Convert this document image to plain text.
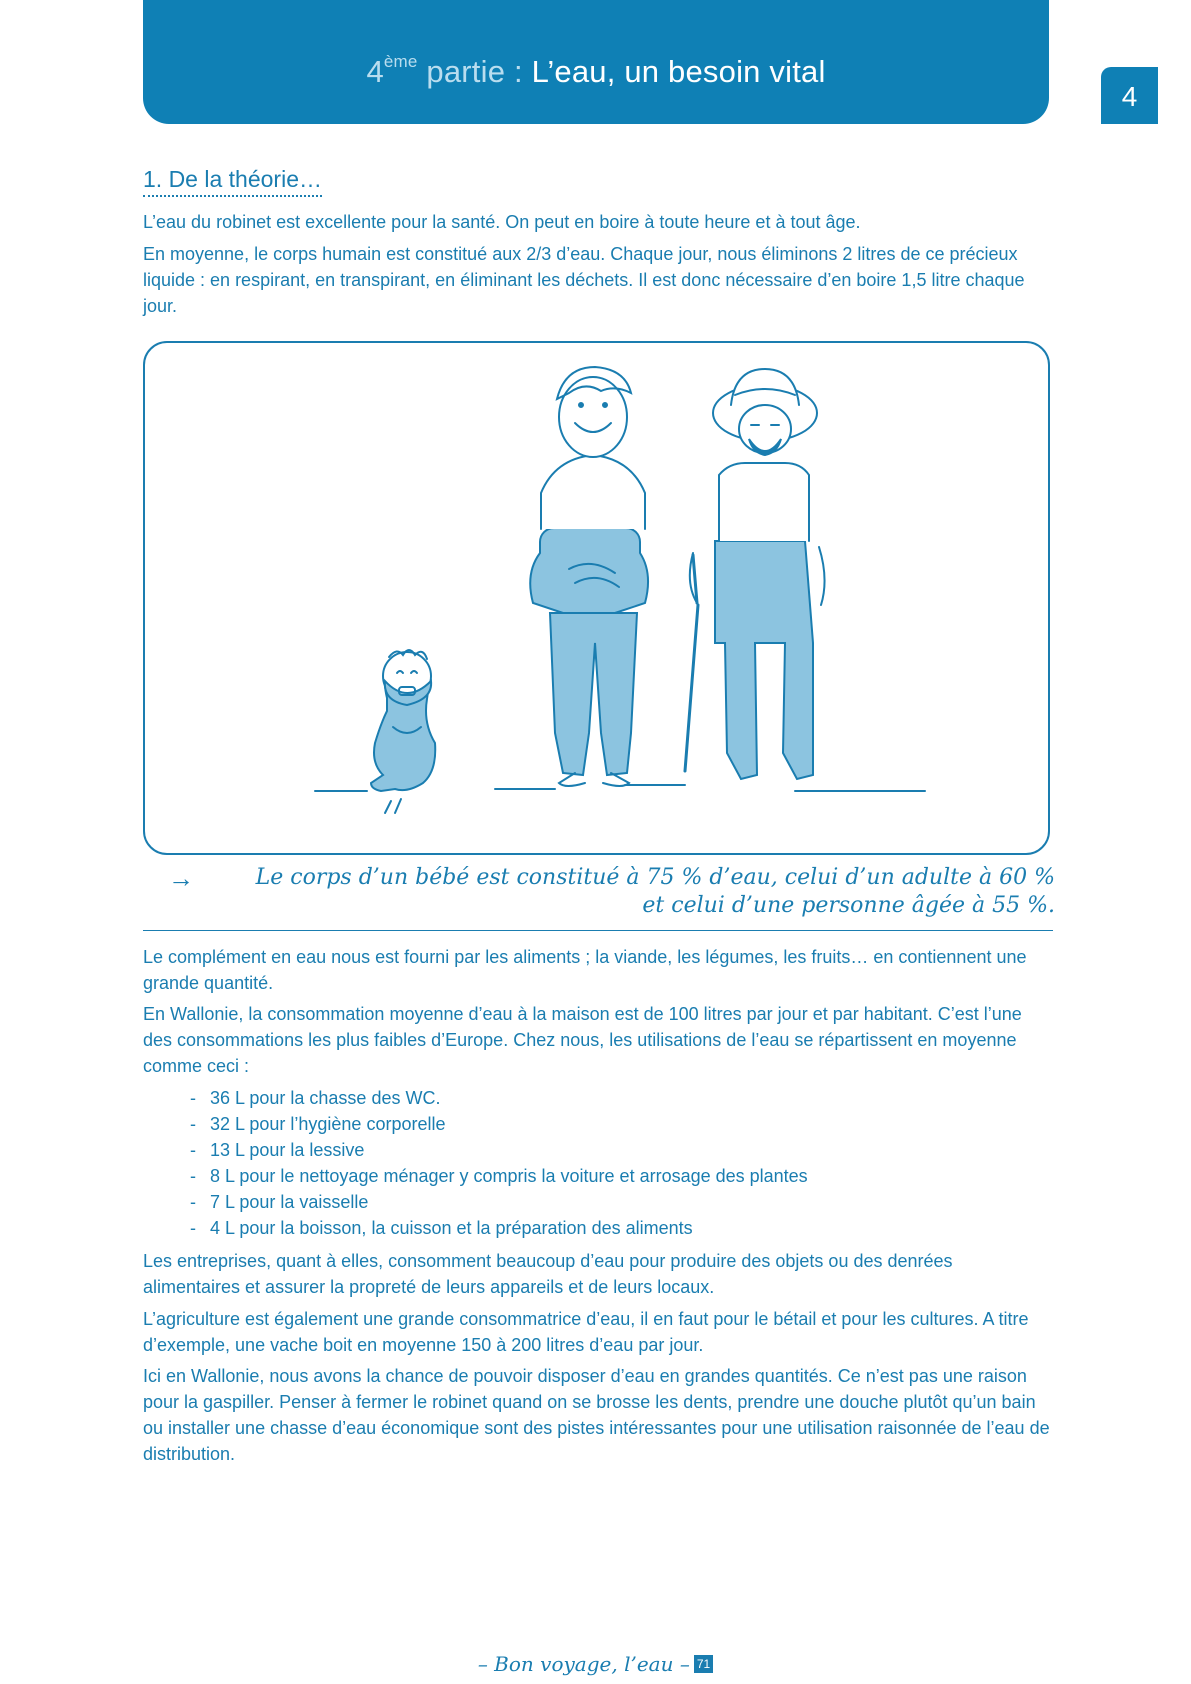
4ème partie : L’eau, un besoin vital
4
1. De la théorie…

L’eau du robinet est excellente pour la santé. On peut en boire à toute heure et à tout âge.

En moyenne, le corps humain est constitué aux 2/3 d’eau. Chaque jour, nous éliminons 2 litres de ce précieux liquide : en respirant, en transpirant, en éliminant les déchets. Il est donc nécessaire d’en boire 1,5 litre chaque jour.

→	Le corps d’un bébé est constitué à 75 % d’eau, celui d’un adulte à 60 %
et celui d’une personne âgée à 55 %.

Le complément en eau nous est fourni par les aliments ; la viande, les légumes, les fruits… en contiennent une grande quantité.

En Wallonie, la consommation moyenne d’eau à la maison est de 100 litres par jour et par habitant. C’est l’une des consommations les plus faibles d’Europe. Chez nous, les utilisations de l’eau se répartissent en moyenne comme ceci :

- 36 L pour la chasse des WC.
- 32 L pour l’hygiène corporelle
- 13 L pour la lessive
- 8 L pour le nettoyage ménager y compris la voiture et arrosage des plantes
- 7 L pour la vaisselle
- 4 L pour la boisson, la cuisson et la préparation des aliments

Les entreprises, quant à elles, consomment beaucoup d’eau pour produire des objets ou des denrées alimentaires et assurer la propreté de leurs appareils et de leurs locaux.

L’agriculture est également une grande consommatrice d’eau, il en faut pour le bétail et pour les cultures. A titre d’exemple, une vache boit en moyenne 150 à 200 litres d’eau par jour.

Ici en Wallonie, nous avons la chance de pouvoir disposer d’eau en grandes quantités. Ce n’est pas une raison pour la gaspiller. Penser à fermer le robinet quand on se brosse les dents, prendre une douche plutôt qu’un bain ou installer une chasse d’eau économique sont des pistes intéressantes pour une utilisation raisonnée de l’eau de distribution.

– Bon voyage, l’eau – 71
